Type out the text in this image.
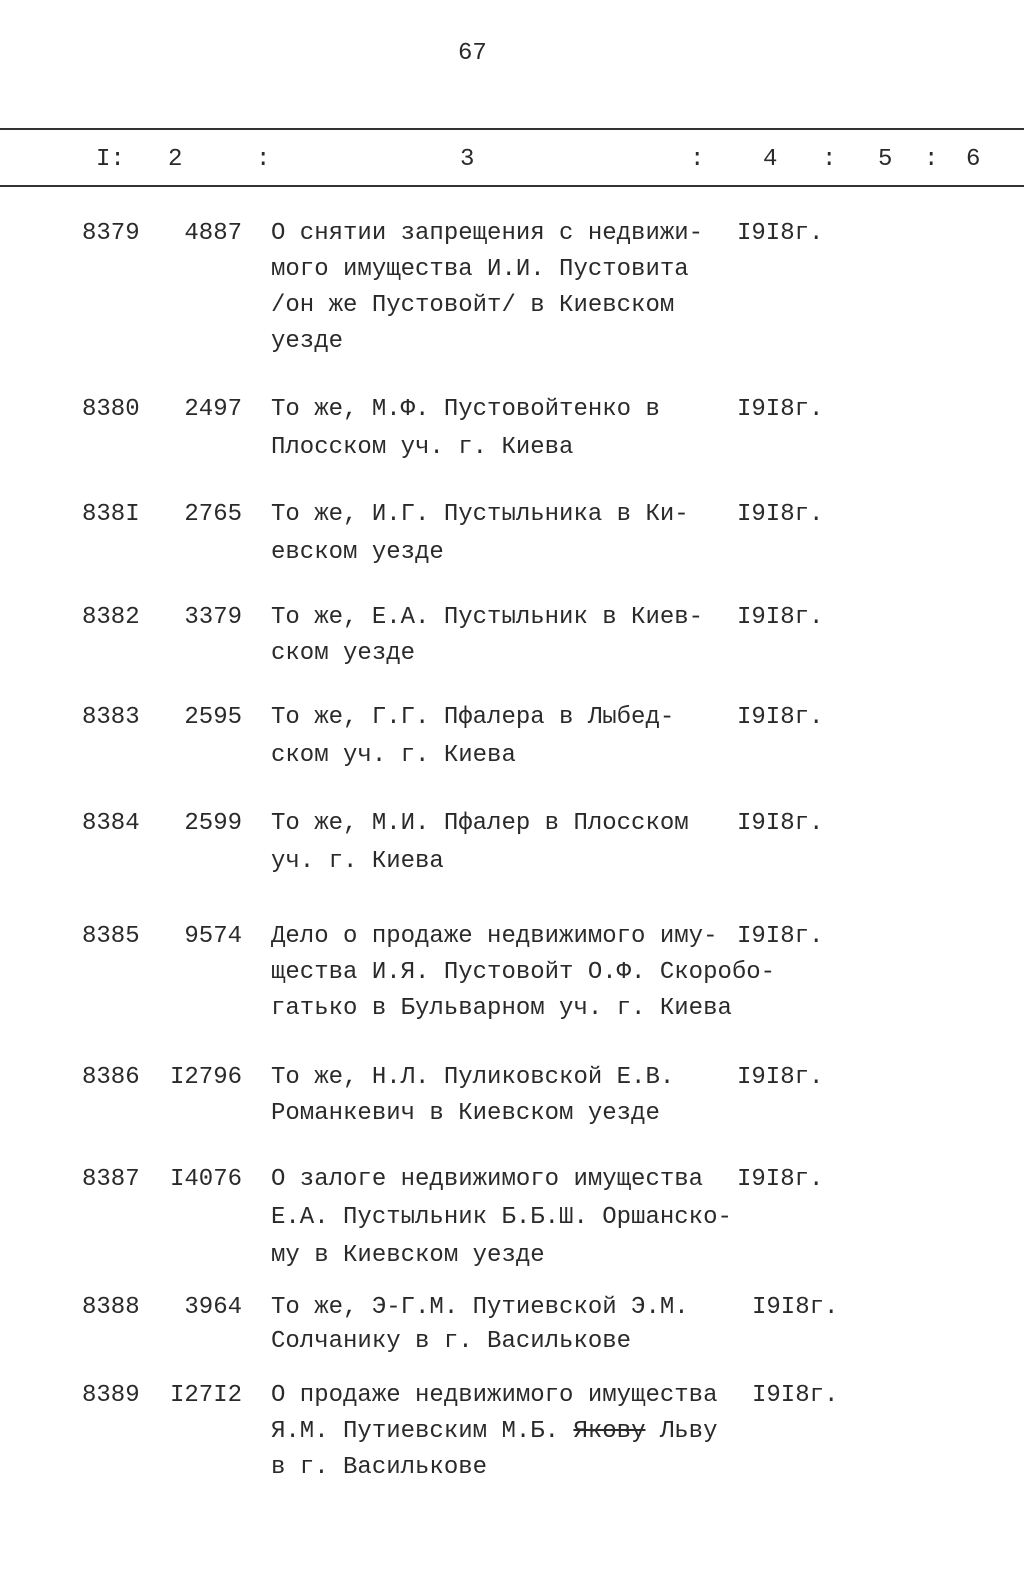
67
I: 2	:	3	: 4 : 5 : 6
8379 4887 О снятии запрещения с недвижи-
мого имущества И.И. Пустовита
/он же Пустовойт/ в Киевском
уезде
I9I8г.
8380 2497 То же, М.Ф. Пустовойтенко в
Плосском уч. г. Киева
I9I8г.
838I 2765 То же, И.Г. Пустыльника в Ки-
евском уезде
I9I8г.
8382 3379 То же, Е.А. Пустыльник в Киев-
ском уезде
I9I8г.
8383 2595 То же, Г.Г. Пфалера в Лыбед-
ском уч. г. Киева
I9I8г.
8384 2599 То же, М.И. Пфалер в Плосском
уч. г. Киева
I9I8г.
8385 9574 Дело о продаже недвижимого иму-
щества И.Я. Пустовойт О.Ф. Скоробо-
гатько в Бульварном уч. г. Киева
I9I8г.
8386 I2796 То же, Н.Л. Пуликовской Е.В.
Романкевич в Киевском уезде
I9I8г.
8387 I4076 О залоге недвижимого имущества
Е.А. Пустыльник Б.Б.Ш. Оршанско-
му в Киевском уезде
I9I8г.
8388 3964 То же, Э-Г.М. Путиевской Э.М.
Солчанику в г. Василькове
I9I8г.
8389 I27I2 О продаже недвижимого имущества
Я.М. Путиевским М.Б. Якову Льву
в г. Василькове
I9I8г.
